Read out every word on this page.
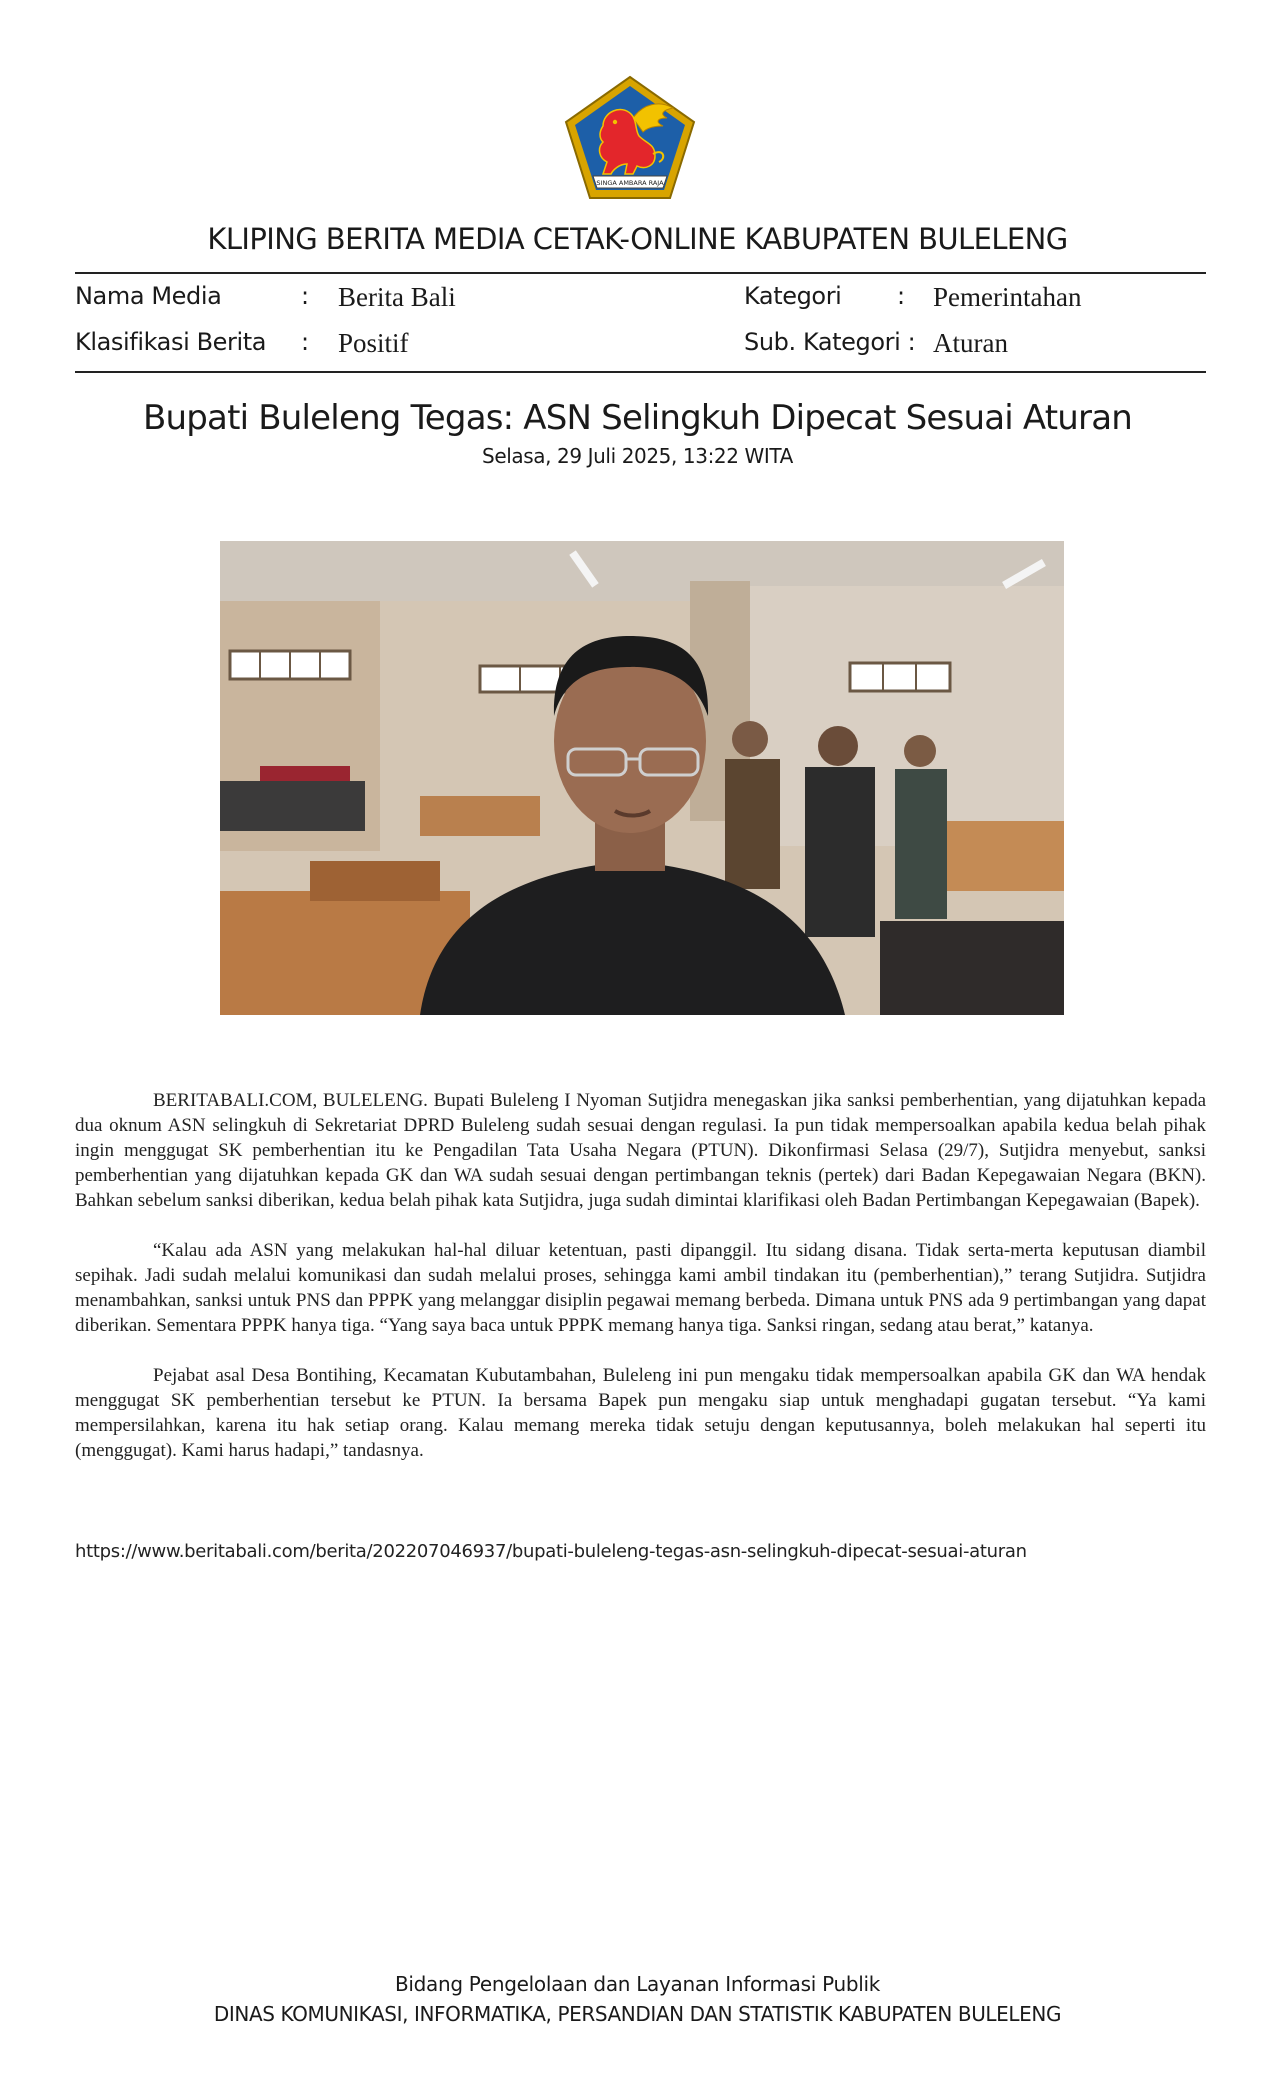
SINGA AMBARA RAJA
KLIPING BERITA MEDIA CETAK-ONLINE KABUPATEN BULELENG
Nama Media	: Berita Bali	Kategori : Pemerintahan
Klasifikasi Berita : Positif	Sub. Kategori : Aturan
Bupati Buleleng Tegas: ASN Selingkuh Dipecat Sesuai Aturan
Selasa, 29 Juli 2025, 13:22 WITA

BERITABALI.COM, BULELENG. Bupati Buleleng I Nyoman Sutjidra menegaskan jika sanksi pemberhentian, yang dijatuhkan kepada dua oknum ASN selingkuh di Sekretariat DPRD Buleleng sudah sesuai dengan regulasi. Ia pun tidak mempersoalkan apabila kedua belah pihak ingin menggugat SK pemberhentian itu ke Pengadilan Tata Usaha Negara (PTUN). Dikonfirmasi Selasa (29/7), Sutjidra menyebut, sanksi pemberhentian yang dijatuhkan kepada GK dan WA sudah sesuai dengan pertimbangan teknis (pertek) dari Badan Kepegawaian Negara (BKN). Bahkan sebelum sanksi diberikan, kedua belah pihak kata Sutjidra, juga sudah dimintai klarifikasi oleh Badan Pertimbangan Kepegawaian (Bapek).

“Kalau ada ASN yang melakukan hal-hal diluar ketentuan, pasti dipanggil. Itu sidang disana. Tidak serta-merta keputusan diambil sepihak. Jadi sudah melalui komunikasi dan sudah melalui proses, sehingga kami ambil tindakan itu (pemberhentian),” terang Sutjidra. Sutjidra menambahkan, sanksi untuk PNS dan PPPK yang melanggar disiplin pegawai memang berbeda. Dimana untuk PNS ada 9 pertimbangan yang dapat diberikan. Sementara PPPK hanya tiga. “Yang saya baca untuk PPPK memang hanya tiga. Sanksi ringan, sedang atau berat,” katanya.

Pejabat asal Desa Bontihing, Kecamatan Kubutambahan, Buleleng ini pun mengaku tidak mempersoalkan apabila GK dan WA hendak menggugat SK pemberhentian tersebut ke PTUN. Ia bersama Bapek pun mengaku siap untuk menghadapi gugatan tersebut. “Ya kami mempersilahkan, karena itu hak setiap orang. Kalau memang mereka tidak setuju dengan keputusannya, boleh melakukan hal seperti itu (menggugat). Kami harus hadapi,” tandasnya.

https://www.beritabali.com/berita/202207046937/bupati-buleleng-tegas-asn-selingkuh-dipecat-sesuai-aturan
Bidang Pengelolaan dan Layanan Informasi Publik
DINAS KOMUNIKASI, INFORMATIKA, PERSANDIAN DAN STATISTIK KABUPATEN BULELENG
